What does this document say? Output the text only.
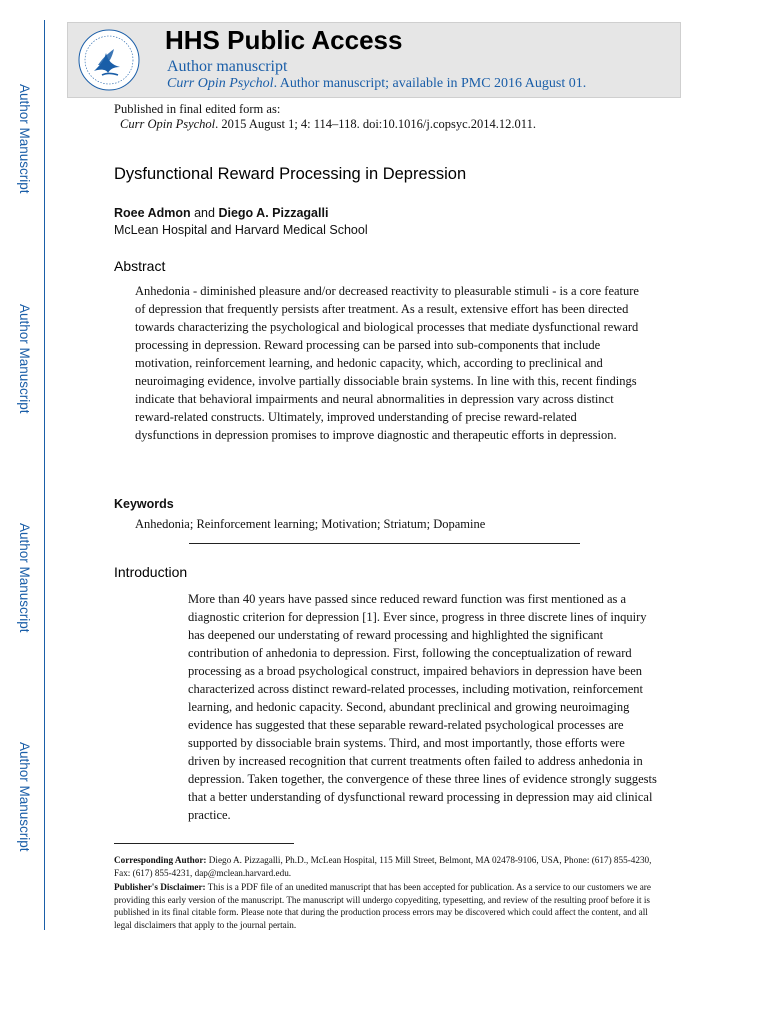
Author Manuscript
Author Manuscript
Author Manuscript
Author Manuscript
HHS Public Access
Author manuscript
Curr Opin Psychol. Author manuscript; available in PMC 2016 August 01.
Published in final edited form as:
Curr Opin Psychol. 2015 August 1; 4: 114–118. doi:10.1016/j.copsyc.2014.12.011.
Dysfunctional Reward Processing in Depression
Roee Admon and Diego A. Pizzagalli
McLean Hospital and Harvard Medical School
Abstract

Anhedonia - diminished pleasure and/or decreased reactivity to pleasurable stimuli - is a core feature of depression that frequently persists after treatment. As a result, extensive effort has been directed towards characterizing the psychological and biological processes that mediate dysfunctional reward processing in depression. Reward processing can be parsed into sub-components that include motivation, reinforcement learning, and hedonic capacity, which, according to preclinical and neuroimaging evidence, involve partially dissociable brain systems. In line with this, recent findings indicate that behavioral impairments and neural abnormalities in depression vary across distinct reward-related constructs. Ultimately, improved understanding of precise reward-related dysfunctions in depression promises to improve diagnostic and therapeutic efforts in depression.

Keywords
Anhedonia; Reinforcement learning; Motivation; Striatum; Dopamine
Introduction

More than 40 years have passed since reduced reward function was first mentioned as a diagnostic criterion for depression [1]. Ever since, progress in three discrete lines of inquiry has deepened our understating of reward processing and highlighted the significant contribution of anhedonia to depression. First, following the conceptualization of reward processing as a broad psychological construct, impaired behaviors in depression have been characterized across distinct reward-related processes, including motivation, reinforcement learning, and hedonic capacity. Second, abundant preclinical and growing neuroimaging evidence has suggested that these separable reward-related psychological processes are supported by dissociable brain systems. Third, and most importantly, those efforts were driven by increased recognition that current treatments often failed to address anhedonia in depression. Taken together, the convergence of these three lines of evidence strongly suggests that a better understanding of dysfunctional reward processing in depression may aid clinical practice.

Corresponding Author: Diego A. Pizzagalli, Ph.D., McLean Hospital, 115 Mill Street, Belmont, MA 02478-9106, USA, Phone: (617) 855-4230, Fax: (617) 855-4231, dap@mclean.harvard.edu.

Publisher's Disclaimer: This is a PDF file of an unedited manuscript that has been accepted for publication. As a service to our customers we are providing this early version of the manuscript. The manuscript will undergo copyediting, typesetting, and review of the resulting proof before it is published in its final citable form. Please note that during the production process errors may be discovered which could affect the content, and all legal disclaimers that apply to the journal pertain.
